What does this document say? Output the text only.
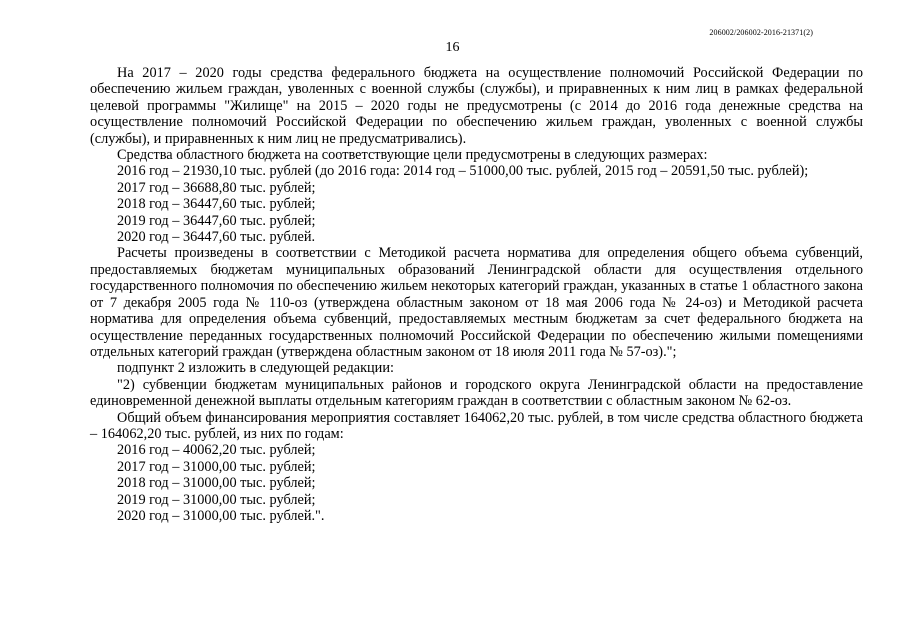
206002/206002-2016-21371(2)
16

На 2017 – 2020 годы средства федерального бюджета на осуществление полномочий Российской Федерации по обеспечению жильем граждан, уволенных с военной службы (службы), и приравненных к ним лиц в рамках федеральной целевой программы "Жилище" на 2015 – 2020 годы не предусмотрены (с 2014 до 2016 года денежные средства на осуществление полномочий Российской Федерации по обеспечению жильем граждан, уволенных с военной службы (службы), и приравненных к ним лиц не предусматривались).

Средства областного бюджета на соответствующие цели предусмотрены в следующих размерах:

2016 год – 21930,10 тыс. рублей (до 2016 года: 2014 год – 51000,00 тыс. рублей, 2015 год – 20591,50 тыс. рублей);

2017 год – 36688,80 тыс. рублей;

2018 год – 36447,60 тыс. рублей;

2019 год – 36447,60 тыс. рублей;

2020 год – 36447,60 тыс. рублей.

Расчеты произведены в соответствии с Методикой расчета норматива для определения общего объема субвенций, предоставляемых бюджетам муниципальных образований Ленинградской области для осуществления отдельного государственного полномочия по обеспечению жильем некоторых категорий граждан, указанных в статье 1 областного закона от 7 декабря 2005 года № 110-оз (утверждена областным законом от 18 мая 2006 года № 24-оз) и Методикой расчета норматива для определения объема субвенций, предоставляемых местным бюджетам за счет федерального бюджета на осуществление переданных государственных полномочий Российской Федерации по обеспечению жилыми помещениями отдельных категорий граждан (утверждена областным законом от 18 июля 2011 года № 57-оз).";

подпункт 2 изложить в следующей редакции:

"2) субвенции бюджетам муниципальных районов и городского округа Ленинградской области на предоставление единовременной денежной выплаты отдельным категориям граждан в соответствии с областным законом № 62-оз.

Общий объем финансирования мероприятия составляет 164062,20 тыс. рублей, в том числе средства областного бюджета – 164062,20 тыс. рублей, из них по годам:

2016 год – 40062,20 тыс. рублей;

2017 год – 31000,00 тыс. рублей;

2018 год – 31000,00 тыс. рублей;

2019 год – 31000,00 тыс. рублей;

2020 год – 31000,00 тыс. рублей.".
